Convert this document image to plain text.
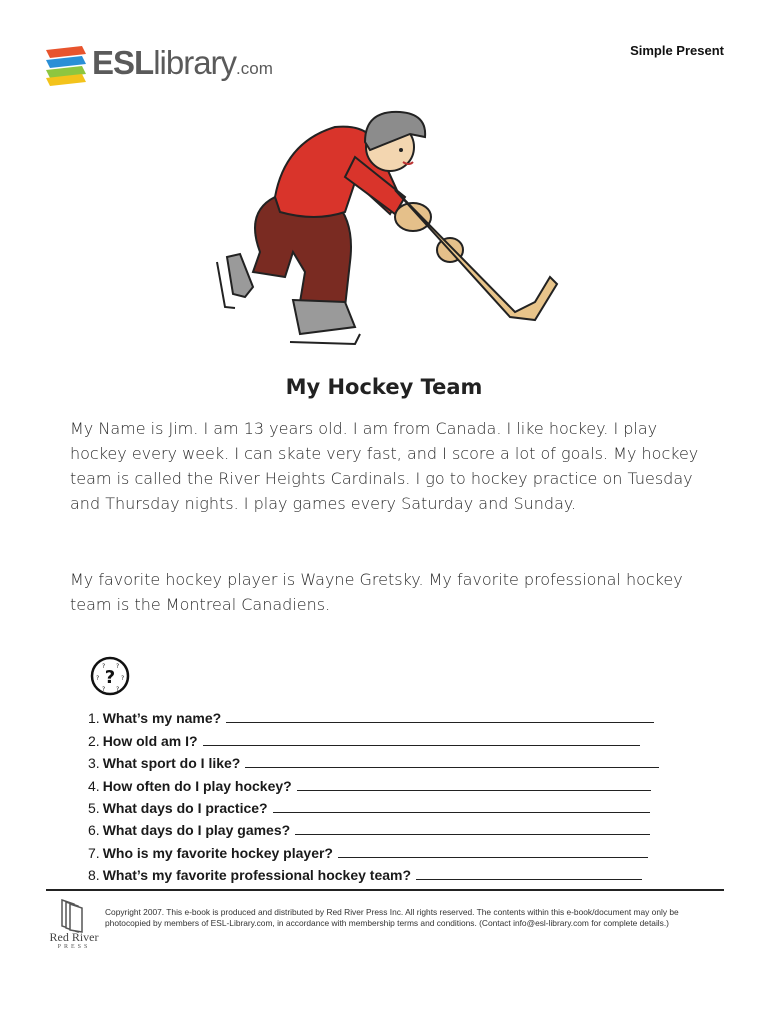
ESLlibrary.com
Simple Present
My Hockey Team

My Name is Jim. I am 13 years old. I am from Canada. I like hockey. I play hockey every week. I can skate very fast, and I score a lot of goals. My hockey team is called the River Heights Cardinals. I go to hockey practice on Tuesday and Thursday nights. I play games every Saturday and Sunday.

My favorite hockey player is Wayne Gretsky. My favorite professional hockey team is the Montreal Canadiens.

?
? ?
?	?
? ?
1. What’s my name?
2. How old am I?
3. What sport do I like?
4. How often do I play hockey?
5. What days do I practice?
6. What days do I play games?
7. Who is my favorite hockey player?
8. What’s my favorite professional hockey team?
Red River
PRESS

Copyright 2007. This e-book is produced and distributed by Red River Press Inc. All rights reserved. The contents within this e-book/document may only be photocopied by members of ESL-Library.com, in accordance with membership terms and conditions. (Contact info@esl-library.com for complete details.)
